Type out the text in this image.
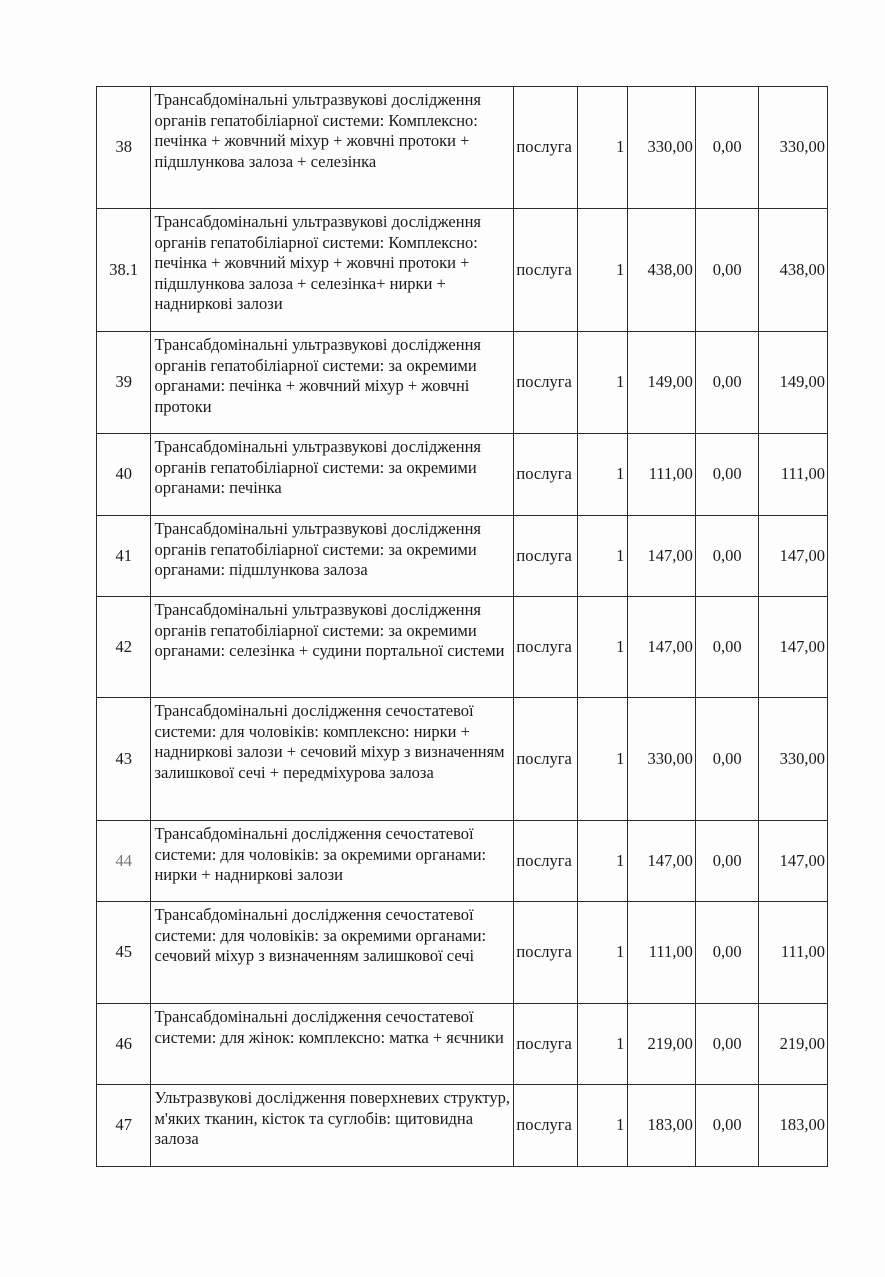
38	Трансабдомінальні ультразвукові дослідження органів гепатобіліарної системи: Комплексно: печінка + жовчний міхур + жовчні протоки + підшлункова залоза + селезінка	послуга	1	330,00	0,00	330,00
38.1	Трансабдомінальні ультразвукові дослідження органів гепатобіліарної системи: Комплексно: печінка + жовчний міхур + жовчні протоки + підшлункова залоза + селезінка+ нирки + надниркові залози	послуга	1	438,00	0,00	438,00
39	Трансабдомінальні ультразвукові дослідження органів гепатобіліарної системи: за окремими органами: печінка + жовчний міхур + жовчні протоки	послуга	1	149,00	0,00	149,00
40	Трансабдомінальні ультразвукові дослідження органів гепатобіліарної системи: за окремими органами: печінка	послуга	1	111,00	0,00	111,00
41	Трансабдомінальні ультразвукові дослідження органів гепатобіліарної системи: за окремими органами: підшлункова залоза	послуга	1	147,00	0,00	147,00
42	Трансабдомінальні ультразвукові дослідження органів гепатобіліарної системи: за окремими органами: селезінка + судини портальної системи	послуга	1	147,00	0,00	147,00
43	Трансабдомінальні дослідження сечостатевої системи: для чоловіків: комплексно: нирки + надниркові залози + сечовий міхур з визначенням залишкової сечі + передміхурова залоза	послуга	1	330,00	0,00	330,00
44	Трансабдомінальні дослідження сечостатевої системи: для чоловіків: за окремими органами: нирки + надниркові залози	послуга	1	147,00	0,00	147,00
45	Трансабдомінальні дослідження сечостатевої системи: для чоловіків: за окремими органами: сечовий міхур з визначенням залишкової сечі	послуга	1	111,00	0,00	111,00
46	Трансабдомінальні дослідження сечостатевої системи: для жінок: комплексно: матка + яєчники	послуга	1	219,00	0,00	219,00
47	Ультразвукові дослідження поверхневих структур, м'яких тканин, кісток та суглобів: щитовидна залоза	послуга	1	183,00	0,00	183,00
